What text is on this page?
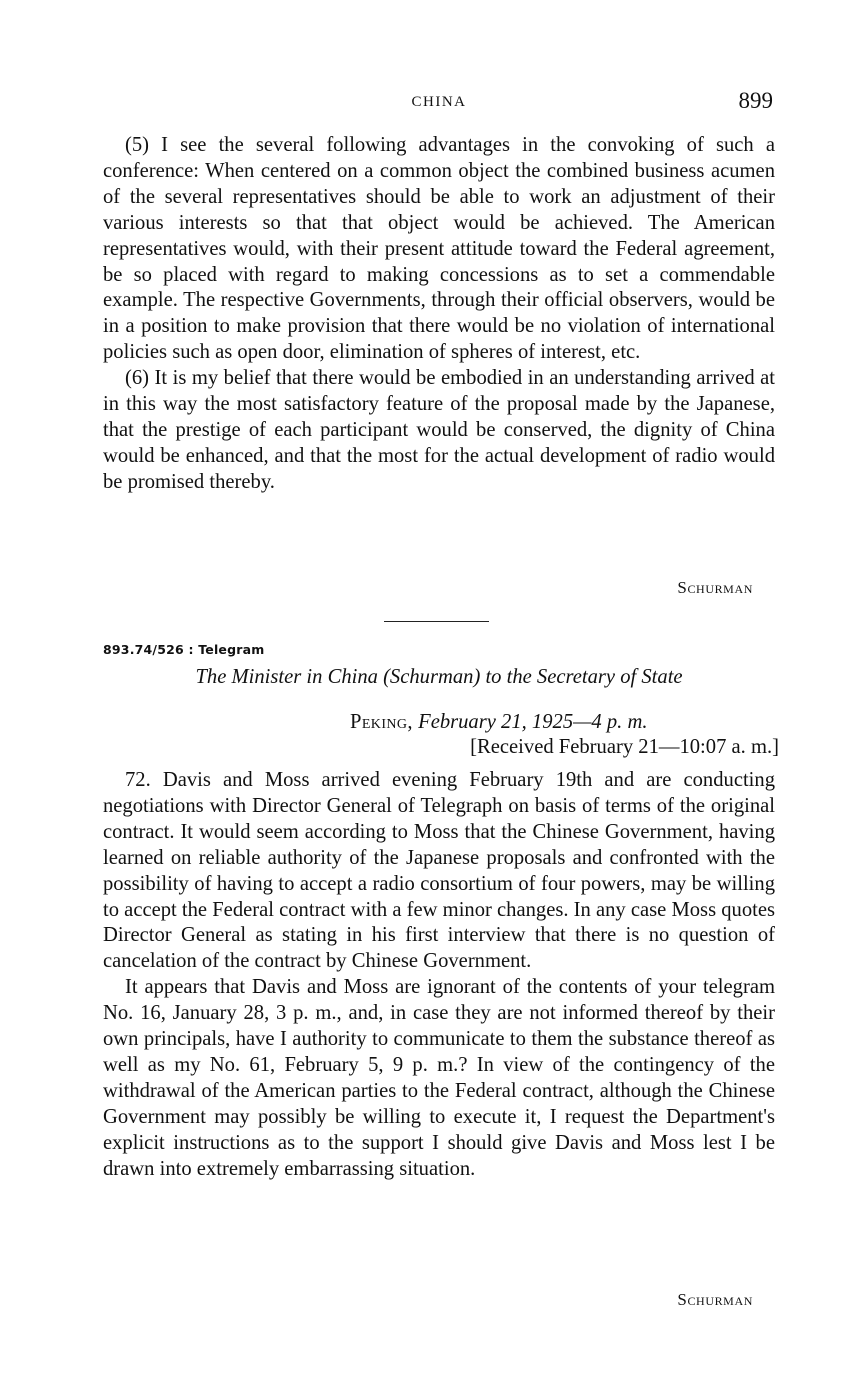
CHINA	899

(5) I see the several following advantages in the convoking of such a conference: When centered on a common object the combined business acumen of the several representatives should be able to work an adjustment of their various interests so that that object would be achieved. The American representatives would, with their present attitude toward the Federal agreement, be so placed with regard to making concessions as to set a commendable example. The respective Governments, through their official observers, would be in a position to make provision that there would be no violation of international policies such as open door, elimination of spheres of interest, etc.

(6) It is my belief that there would be embodied in an understanding arrived at in this way the most satisfactory feature of the proposal made by the Japanese, that the prestige of each participant would be conserved, the dignity of China would be enhanced, and that the most for the actual development of radio would be promised thereby.

Schurman

893.74/526 : Telegram
The Minister in China (Schurman) to the Secretary of State
Peking, February 21, 1925—4 p. m.
[Received February 21—10:07 a. m.]

72. Davis and Moss arrived evening February 19th and are conducting negotiations with Director General of Telegraph on basis of terms of the original contract. It would seem according to Moss that the Chinese Government, having learned on reliable authority of the Japanese proposals and confronted with the possibility of having to accept a radio consortium of four powers, may be willing to accept the Federal contract with a few minor changes. In any case Moss quotes Director General as stating in his first interview that there is no question of cancelation of the contract by Chinese Government.

It appears that Davis and Moss are ignorant of the contents of your telegram No. 16, January 28, 3 p. m., and, in case they are not informed thereof by their own principals, have I authority to communicate to them the substance thereof as well as my No. 61, February 5, 9 p. m.? In view of the contingency of the withdrawal of the American parties to the Federal contract, although the Chinese Government may possibly be willing to execute it, I request the Department's explicit instructions as to the support I should give Davis and Moss lest I be drawn into extremely embarrassing situation.

Schurman
